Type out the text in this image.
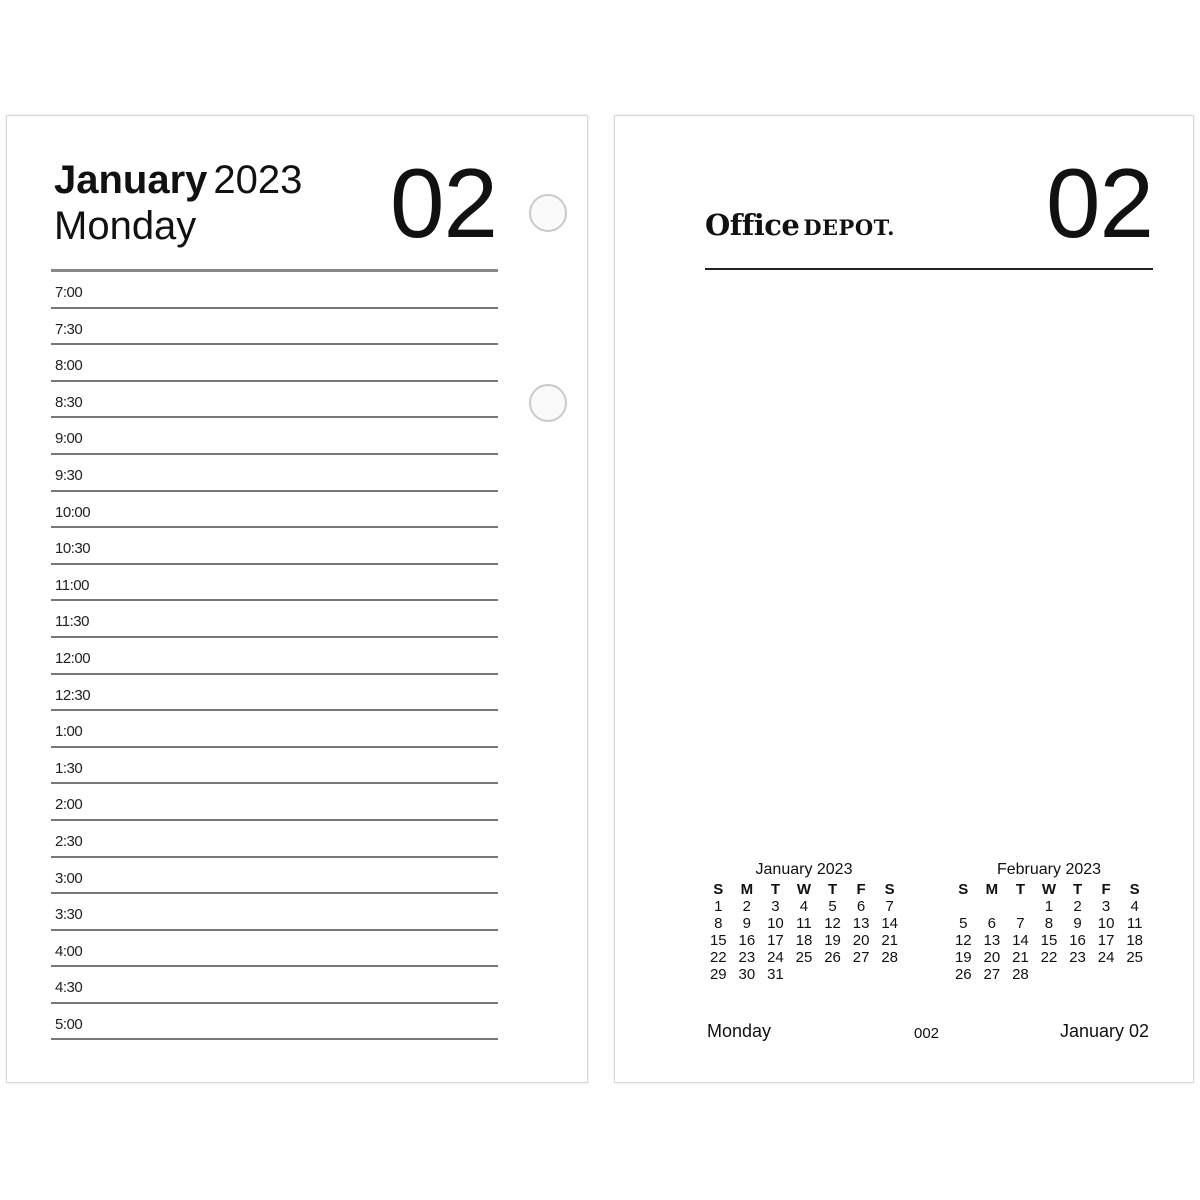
January 2023
Monday 02
7:00
7:30
8:00
8:30
9:00
9:30
10:00
10:30
11:00
11:30
12:00
12:30
1:00
1:30
2:00
2:30
3:00
3:30
4:00
4:30
5:00
Office DEPOT. 02
January 2023
S	M	T	W	T	F	S
1	2	3	4	5	6	7
8	9	10	11	12	13	14
15	16	17	18	19	20	21
22	23	24	25	26	27	28
29	30	31				
February 2023
S	M	T	W	T	F	S
			1	2	3	4
5	6	7	8	9	10	11
12	13	14	15	16	17	18
19	20	21	22	23	24	25
26	27	28				
Monday	002	January 02
